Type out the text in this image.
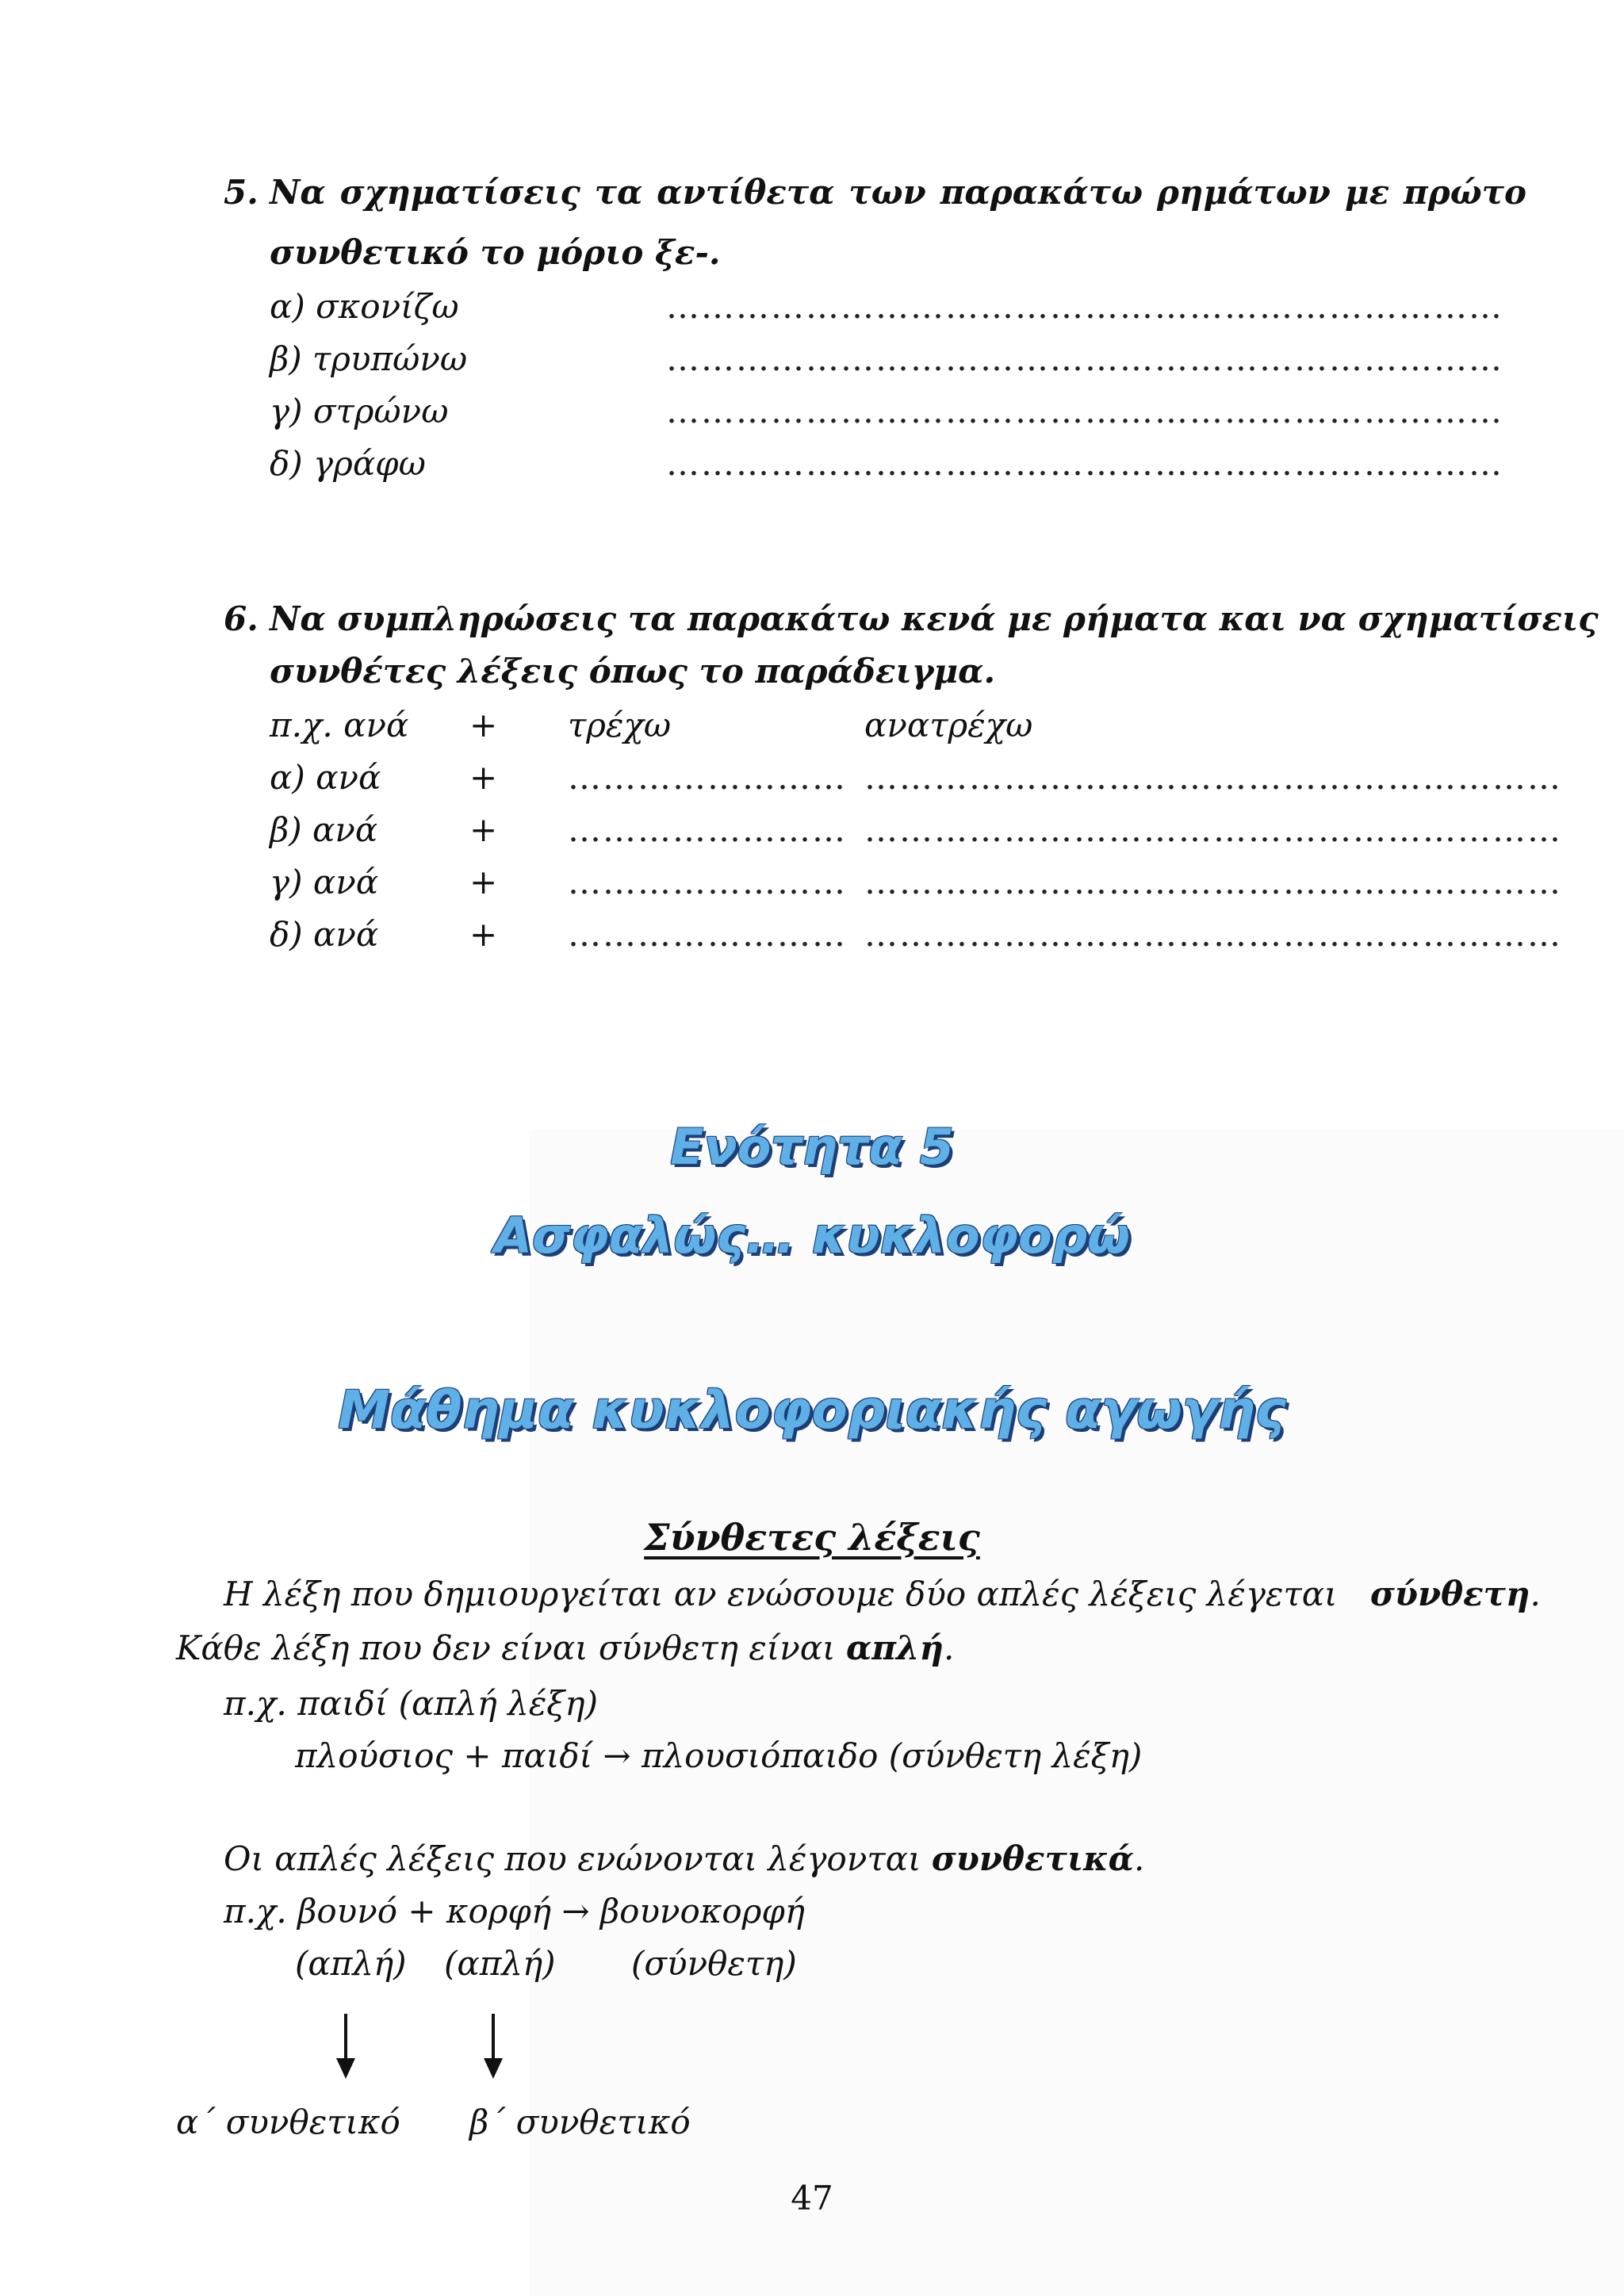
5. Να σχηματίσεις τα αντίθετα των παρακάτω ρημάτων με πρώτο
συνθετικό το μόριο ξε-.
α) σκονίζω	………………………………………………………………
β) τρυπώνω	………………………………………………………………
γ) στρώνω	………………………………………………………………
δ) γράφω	………………………………………………………………
6. Να συμπληρώσεις τα παρακάτω κενά με ρήματα και να σχηματίσεις
συνθέτες λέξεις όπως το παράδειγμα.
π.χ. ανά + τρέχω	ανατρέχω
α) ανά	+ …………………… ……………………………………………………
β) ανά	+ …………………… ……………………………………………………
γ) ανά	+ …………………… ……………………………………………………
δ) ανά	+ …………………… ……………………………………………………
Ενότητα 5
Ασφαλώς… κυκλοφορώ
Μάθημα κυκλοφοριακής αγωγής
Σύνθετες λέξεις
Η λέξη που δημιουργείται αν ενώσουμε δύο απλές λέξεις λέγεται σύνθετη.
Κάθε λέξη που δεν είναι σύνθετη είναι απλή.
π.χ. παιδί (απλή λέξη)
πλούσιος + παιδί → πλουσιόπαιδο (σύνθετη λέξη)
Οι απλές λέξεις που ενώνονται λέγονται συνθετικά.
π.χ. βουνό + κορφή → βουνοκορφή
(απλή) (απλή) (σύνθετη)
α΄ συνθετικό β΄ συνθετικό
47
